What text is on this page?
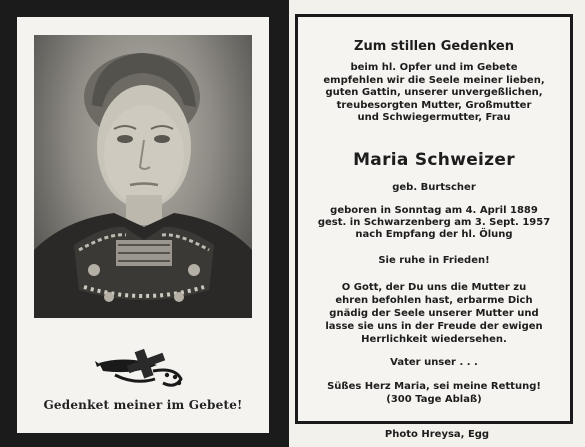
Gedenket meiner im Gebete!
Zum stillen Gedenken
beim hl. Opfer und im Gebete
empfehlen wir die Seele meiner lieben,
guten Gattin, unserer unvergeßlichen,
treubesorgten Mutter, Großmutter
und Schwiegermutter, Frau
Maria Schweizer
geb. Burtscher
geboren in Sonntag am 4. April 1889
gest. in Schwarzenberg am 3. Sept. 1957
nach Empfang der hl. Ölung
Sie ruhe in Frieden!
O Gott, der Du uns die Mutter zu
ehren befohlen hast, erbarme Dich
gnädig der Seele unserer Mutter und
lasse sie uns in der Freude der ewigen
Herrlichkeit wiedersehen.
Vater unser . . .
Süßes Herz Maria, sei meine Rettung!
(300 Tage Ablaß)
Photo Hreysa, Egg
